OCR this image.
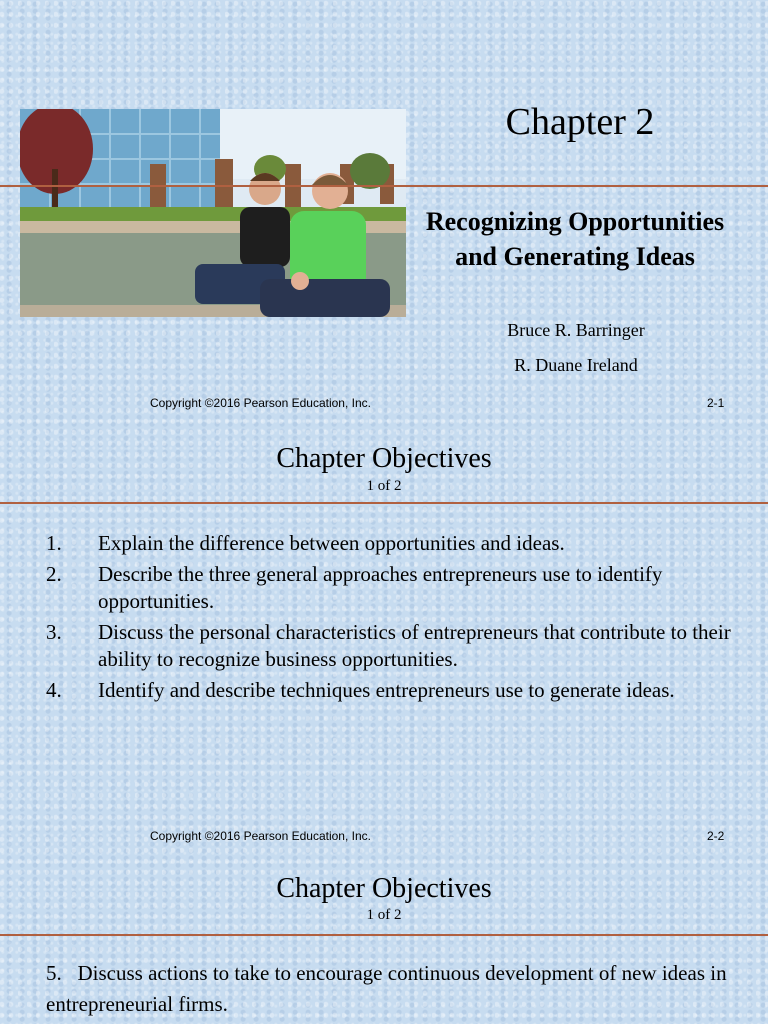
Chapter 2
Recognizing Opportunities and Generating Ideas
Bruce R. Barringer
R. Duane Ireland
Copyright ©2016 Pearson Education, Inc.	2-1
Chapter Objectives
1 of 2
1.	Explain the difference between opportunities and ideas.
2.	Describe the three general approaches entrepreneurs use to identify opportunities.
3.	Discuss the personal characteristics of entrepreneurs that contribute to their ability to recognize business opportunities.
4.	Identify and describe techniques entrepreneurs use to generate ideas.
Copyright ©2016 Pearson Education, Inc.	2-2
Chapter Objectives
1 of 2
5. Discuss actions to take to encourage continuous development of new ideas in entrepreneurial firms.
